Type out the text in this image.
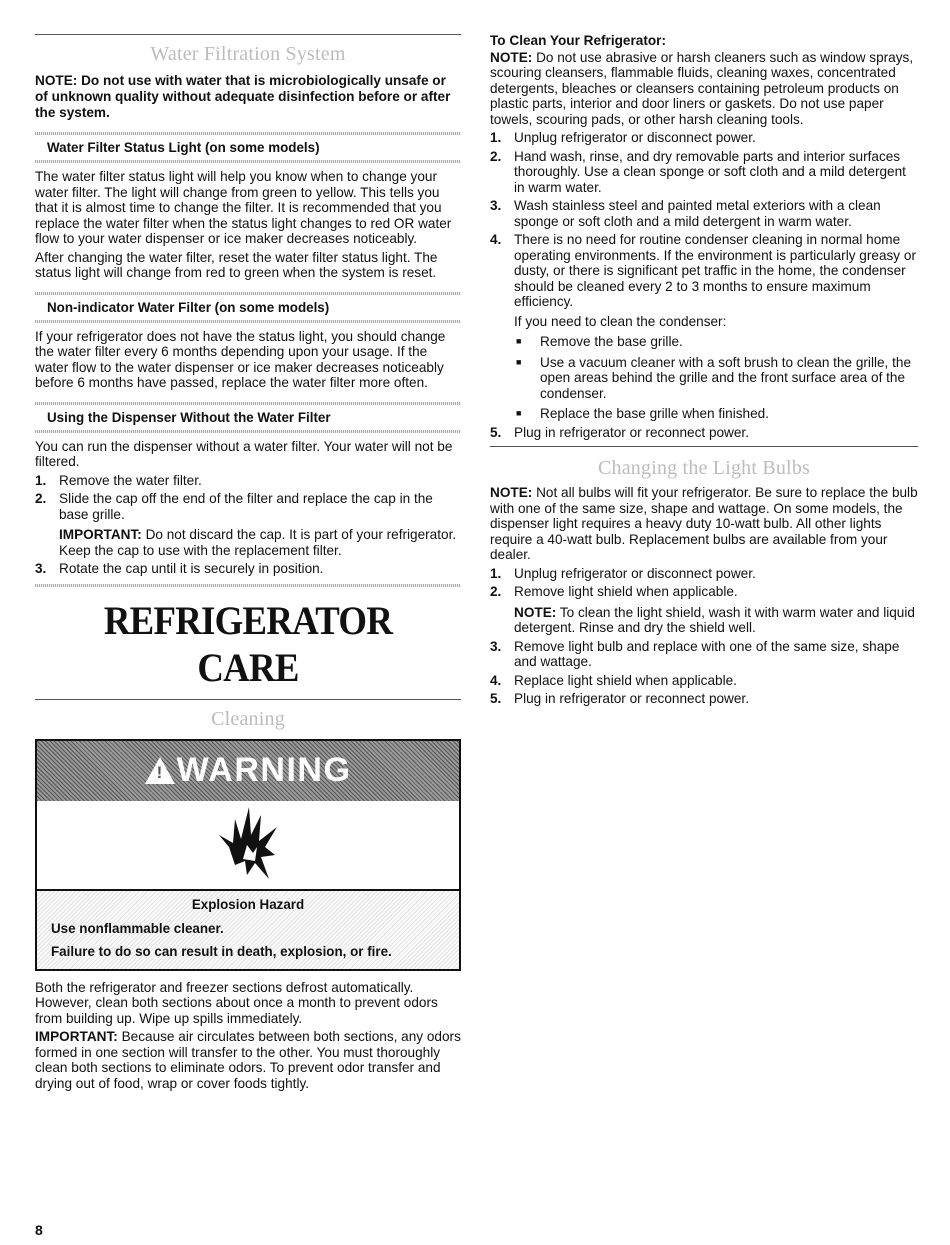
Water Filtration System

NOTE: Do not use with water that is microbiologically unsafe or of unknown quality without adequate disinfection before or after the system.

Water Filter Status Light (on some models)

The water filter status light will help you know when to change your water filter. The light will change from green to yellow. This tells you that it is almost time to change the filter. It is recommended that you replace the water filter when the status light changes to red OR water flow to your water dispenser or ice maker decreases noticeably.

After changing the water filter, reset the water filter status light. The status light will change from red to green when the system is reset.

Non-indicator Water Filter (on some models)

If your refrigerator does not have the status light, you should change the water filter every 6 months depending upon your usage. If the water flow to the water dispenser or ice maker decreases noticeably before 6 months have passed, replace the water filter more often.

Using the Dispenser Without the Water Filter

You can run the dispenser without a water filter. Your water will not be filtered.

1. Remove the water filter.

2. Slide the cap off the end of the filter and replace the cap in the base grille.

IMPORTANT: Do not discard the cap. It is part of your refrigerator. Keep the cap to use with the replacement filter.

3. Rotate the cap until it is securely in position.

REFRIGERATOR CARE
Cleaning
! WARNING

Explosion Hazard

Use nonflammable cleaner.

Failure to do so can result in death, explosion, or fire.

Both the refrigerator and freezer sections defrost automatically. However, clean both sections about once a month to prevent odors from building up. Wipe up spills immediately.

IMPORTANT: Because air circulates between both sections, any odors formed in one section will transfer to the other. You must thoroughly clean both sections to eliminate odors. To prevent odor transfer and drying out of food, wrap or cover foods tightly.

To Clean Your Refrigerator:

NOTE: Do not use abrasive or harsh cleaners such as window sprays, scouring cleansers, flammable fluids, cleaning waxes, concentrated detergents, bleaches or cleansers containing petroleum products on plastic parts, interior and door liners or gaskets. Do not use paper towels, scouring pads, or other harsh cleaning tools.

1. Unplug refrigerator or disconnect power.

2. Hand wash, rinse, and dry removable parts and interior surfaces thoroughly. Use a clean sponge or soft cloth and a mild detergent in warm water.

3. Wash stainless steel and painted metal exteriors with a clean sponge or soft cloth and a mild detergent in warm water.

4. There is no need for routine condenser cleaning in normal home operating environments. If the environment is particularly greasy or dusty, or there is significant pet traffic in the home, the condenser should be cleaned every 2 to 3 months to ensure maximum efficiency.

If you need to clean the condenser:

■	Remove the base grille.

■	Use a vacuum cleaner with a soft brush to clean the grille, the open areas behind the grille and the front surface area of the condenser.

■	Replace the base grille when finished.

5. Plug in refrigerator or reconnect power.

Changing the Light Bulbs

NOTE: Not all bulbs will fit your refrigerator. Be sure to replace the bulb with one of the same size, shape and wattage. On some models, the dispenser light requires a heavy duty 10-watt bulb. All other lights require a 40-watt bulb. Replacement bulbs are available from your dealer.

1. Unplug refrigerator or disconnect power.

2. Remove light shield when applicable.

NOTE: To clean the light shield, wash it with warm water and liquid detergent. Rinse and dry the shield well.

3. Remove light bulb and replace with one of the same size, shape and wattage.

4. Replace light shield when applicable.

5. Plug in refrigerator or reconnect power.

8
